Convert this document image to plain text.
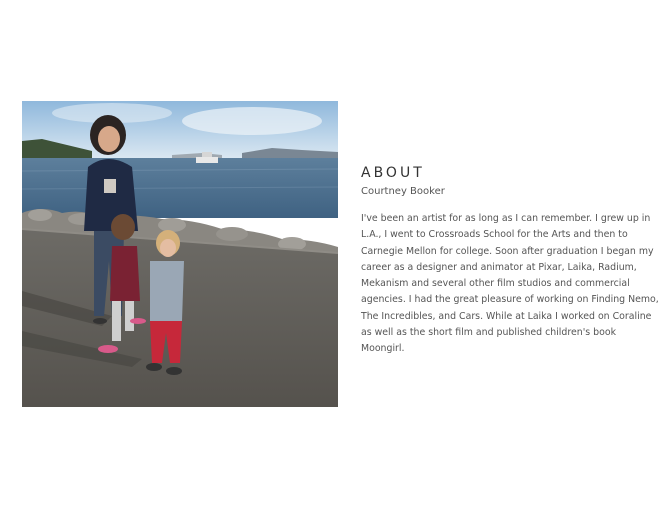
ABOUT
Courtney Booker

I've been an artist for as long as I can remember. I grew up in L.A., I went to Crossroads School for the Arts and then to Carnegie Mellon for college. Soon after graduation I began my career as a designer and animator at Pixar, Laika, Radium, Mekanism and several other film studios and commercial agencies. I had the great pleasure of working on Finding Nemo, The Incredibles, and Cars. While at Laika I worked on Coraline as well as the short film and published children's book Moongirl.
